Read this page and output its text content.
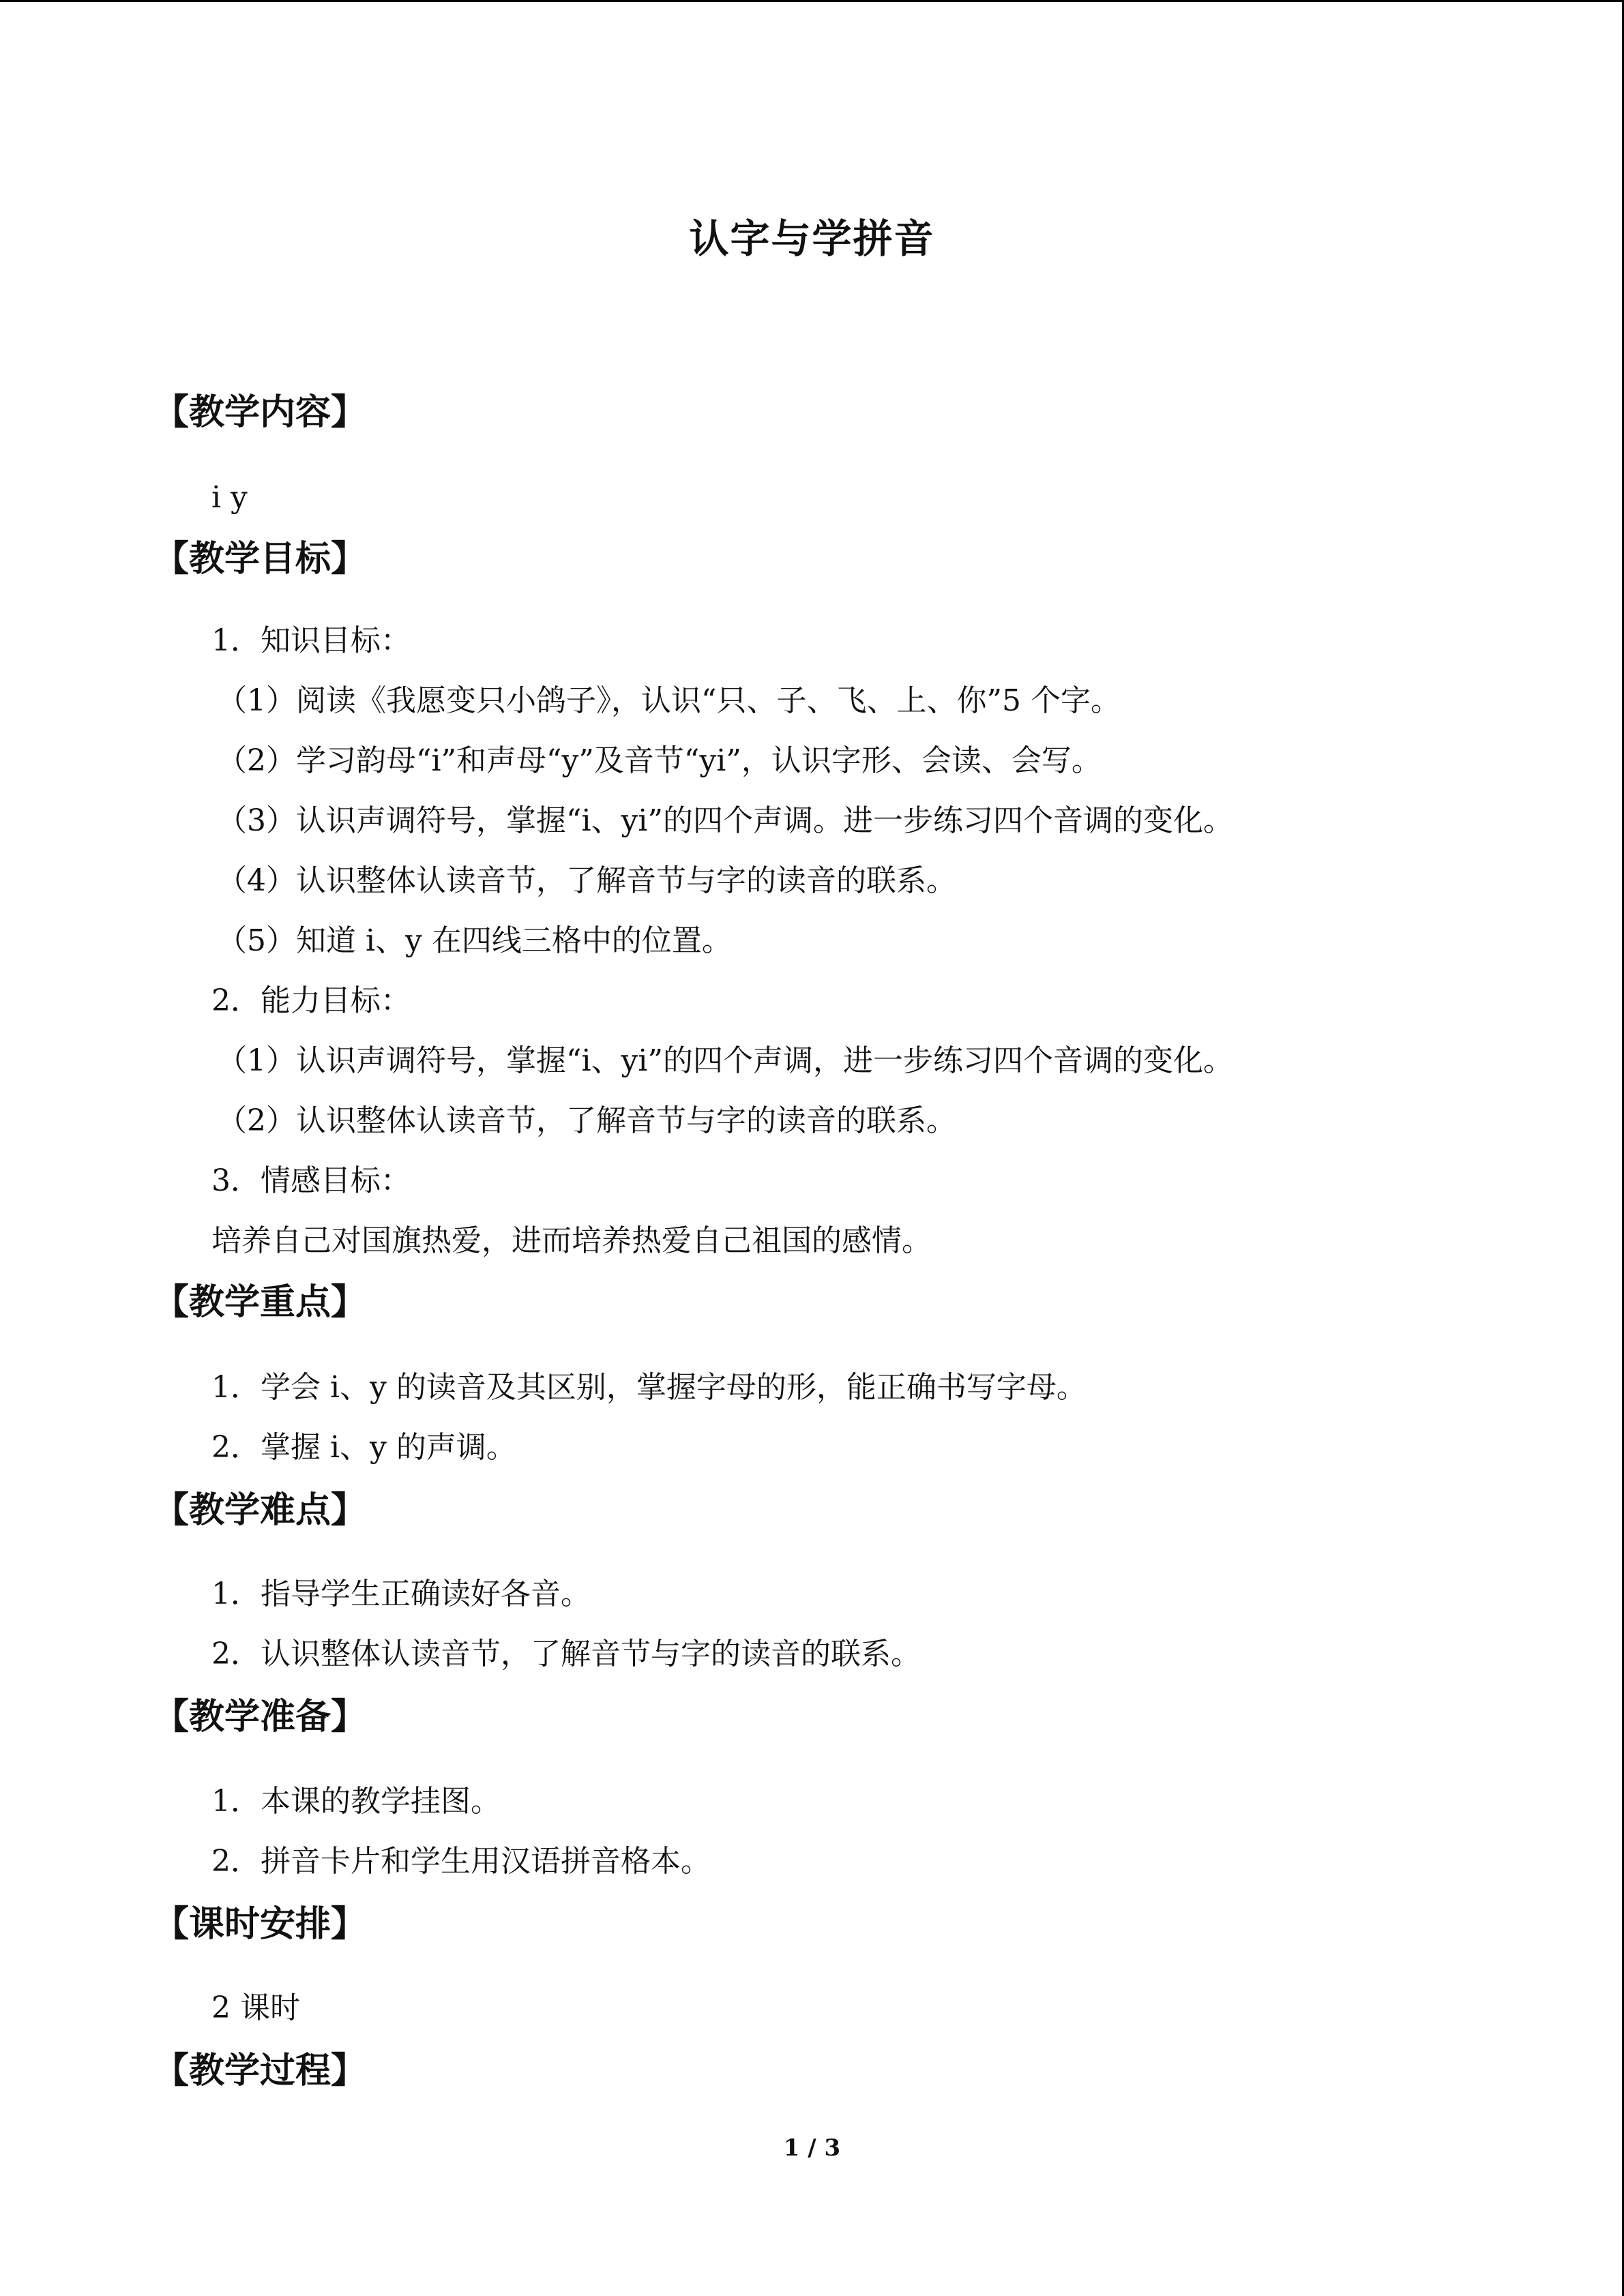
认字与学拼音
【教学内容】
i y
【教学目标】
1．知识目标：
（1）阅读《我愿变只小鸽子》，认识“只、子、飞、上、你”5 个字。
（2）学习韵母“i”和声母“y”及音节“yi”，认识字形、会读、会写。
（3）认识声调符号，掌握“i、yi”的四个声调。进一步练习四个音调的变化。
（4）认识整体认读音节，了解音节与字的读音的联系。
（5）知道 i、y 在四线三格中的位置。
2．能力目标：
（1）认识声调符号，掌握“i、yi”的四个声调，进一步练习四个音调的变化。
（2）认识整体认读音节，了解音节与字的读音的联系。
3．情感目标：
培养自己对国旗热爱，进而培养热爱自己祖国的感情。
【教学重点】
1．学会 i、y 的读音及其区别，掌握字母的形，能正确书写字母。
2．掌握 i、y 的声调。
【教学难点】
1．指导学生正确读好各音。
2．认识整体认读音节，了解音节与字的读音的联系。
【教学准备】
1．本课的教学挂图。
2．拼音卡片和学生用汉语拼音格本。
【课时安排】
2 课时
【教学过程】
1 / 3
